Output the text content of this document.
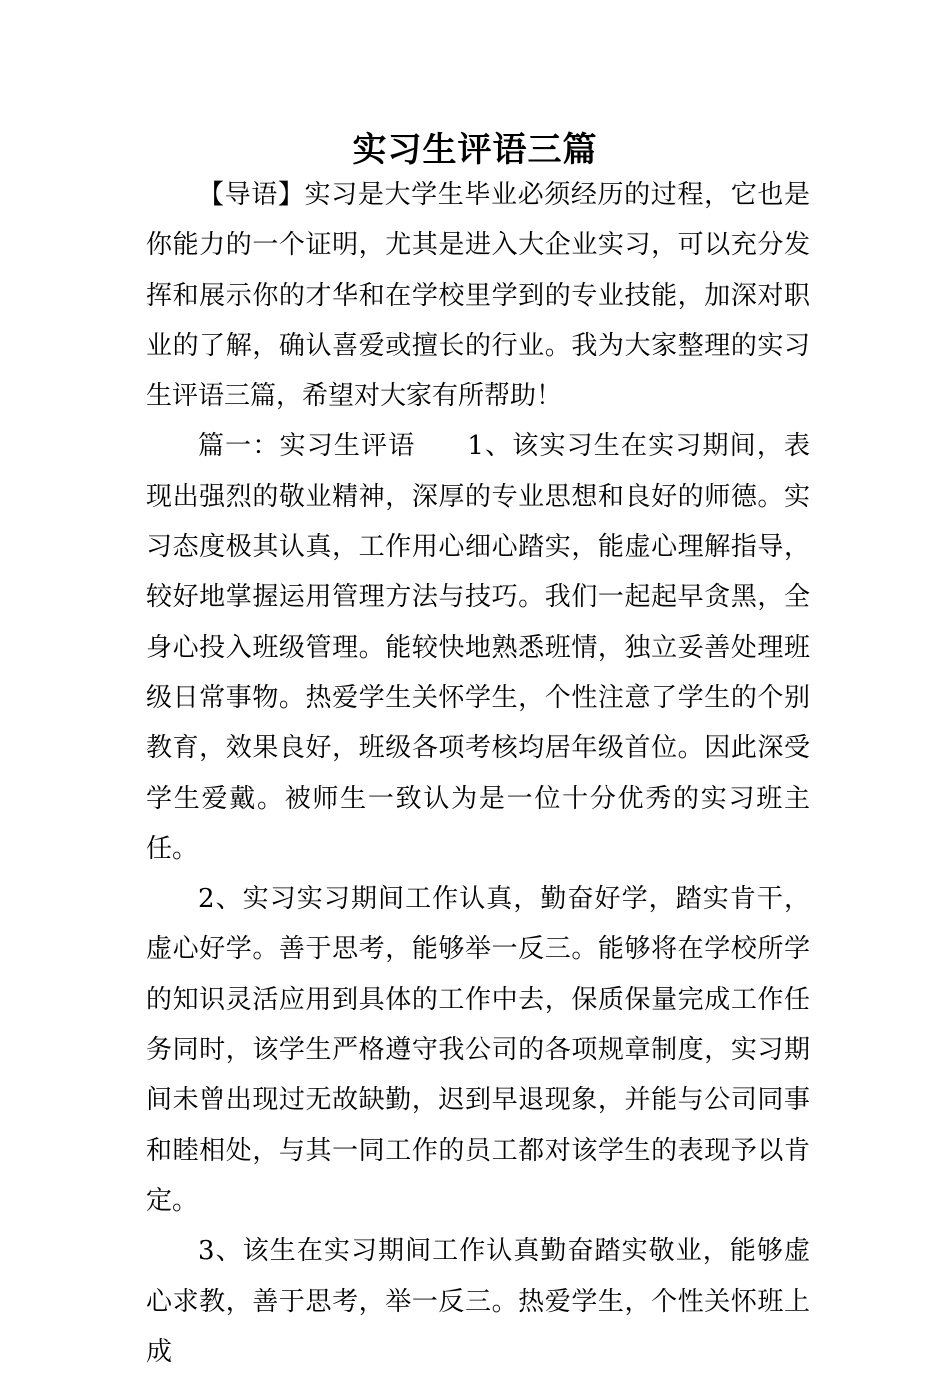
实习生评语三篇

【导语】实习是大学生毕业必须经历的过程，它也是你能力的一个证明，尤其是进入大企业实习，可以充分发挥和展示你的才华和在学校里学到的专业技能，加深对职业的了解，确认喜爱或擅长的行业。我为大家整理的实习生评语三篇，希望对大家有所帮助！

篇一：实习生评语 1、该实习生在实习期间，表现出强烈的敬业精神，深厚的专业思想和良好的师德。实习态度极其认真，工作用心细心踏实，能虚心理解指导，较好地掌握运用管理方法与技巧。我们一起起早贪黑，全身心投入班级管理。能较快地熟悉班情，独立妥善处理班级日常事物。热爱学生关怀学生，个性注意了学生的个别教育，效果良好，班级各项考核均居年级首位。因此深受学生爱戴。被师生一致认为是一位十分优秀的实习班主任。

2、实习实习期间工作认真，勤奋好学，踏实肯干，虚心好学。善于思考，能够举一反三。能够将在学校所学的知识灵活应用到具体的工作中去，保质保量完成工作任务同时，该学生严格遵守我公司的各项规章制度，实习期间未曾出现过无故缺勤，迟到早退现象，并能与公司同事和睦相处，与其一同工作的员工都对该学生的表现予以肯定。

3、该生在实习期间工作认真勤奋踏实敬业，能够虚心求教，善于思考，举一反三。热爱学生，个性关怀班上成
